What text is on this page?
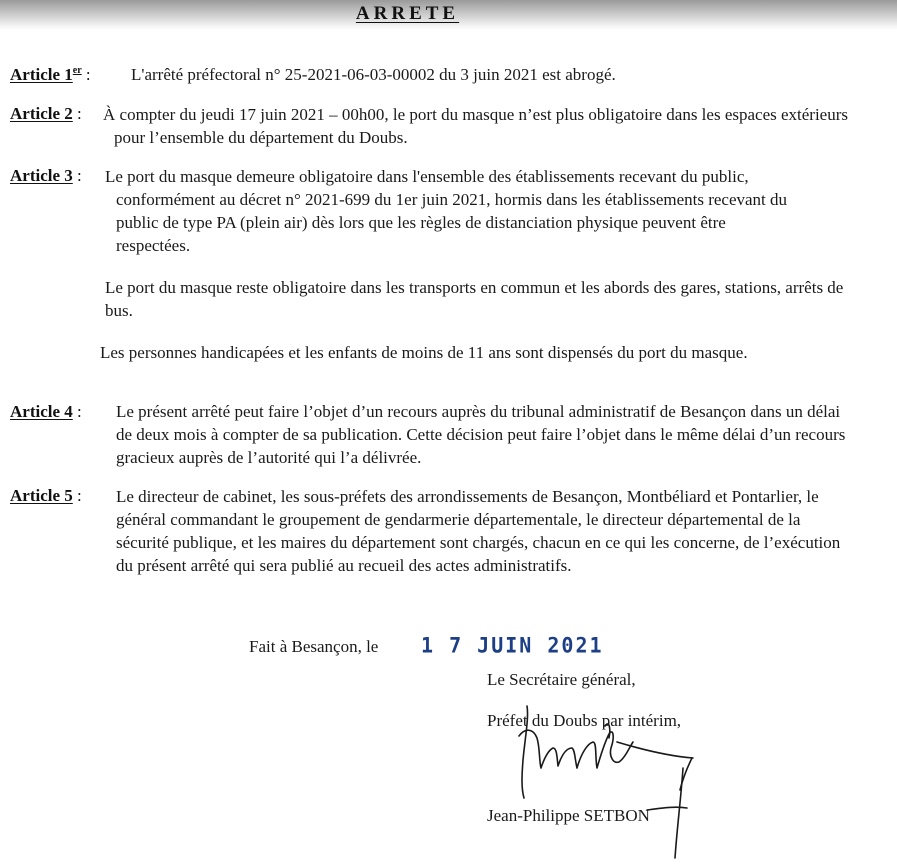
ARRETE
Article 1er : L'arrêté préfectoral n° 25-2021-06-03-00002 du 3 juin 2021 est abrogé.
Article 2 : À compter du jeudi 17 juin 2021 – 00h00, le port du masque n’est plus obligatoire dans les espaces extérieurs pour l’ensemble du département du Doubs.
Article 3 : Le port du masque demeure obligatoire dans l'ensemble des établissements recevant du public, conformément au décret n° 2021-699 du 1er juin 2021, hormis dans les établissements recevant du public de type PA (plein air) dès lors que les règles de distanciation physique peuvent être respectées.
Le port du masque reste obligatoire dans les transports en commun et les abords des gares, stations, arrêts de bus.
Les personnes handicapées et les enfants de moins de 11 ans sont dispensés du port du masque.
Article 4 : Le présent arrêté peut faire l’objet d’un recours auprès du tribunal administratif de Besançon dans un délai de deux mois à compter de sa publication. Cette décision peut faire l’objet dans le même délai d’un recours gracieux auprès de l’autorité qui l’a délivrée.
Article 5 : Le directeur de cabinet, les sous-préfets des arrondissements de Besançon, Montbéliard et Pontarlier, le général commandant le groupement de gendarmerie départementale, le directeur départemental de la sécurité publique, et les maires du département sont chargés, chacun en ce qui les concerne, de l’exécution du présent arrêté qui sera publié au recueil des actes administratifs.
Fait à Besançon, le 1 7 JUIN 2021
Le Secrétaire général,
Préfet du Doubs par intérim,
Jean-Philippe SETBON
